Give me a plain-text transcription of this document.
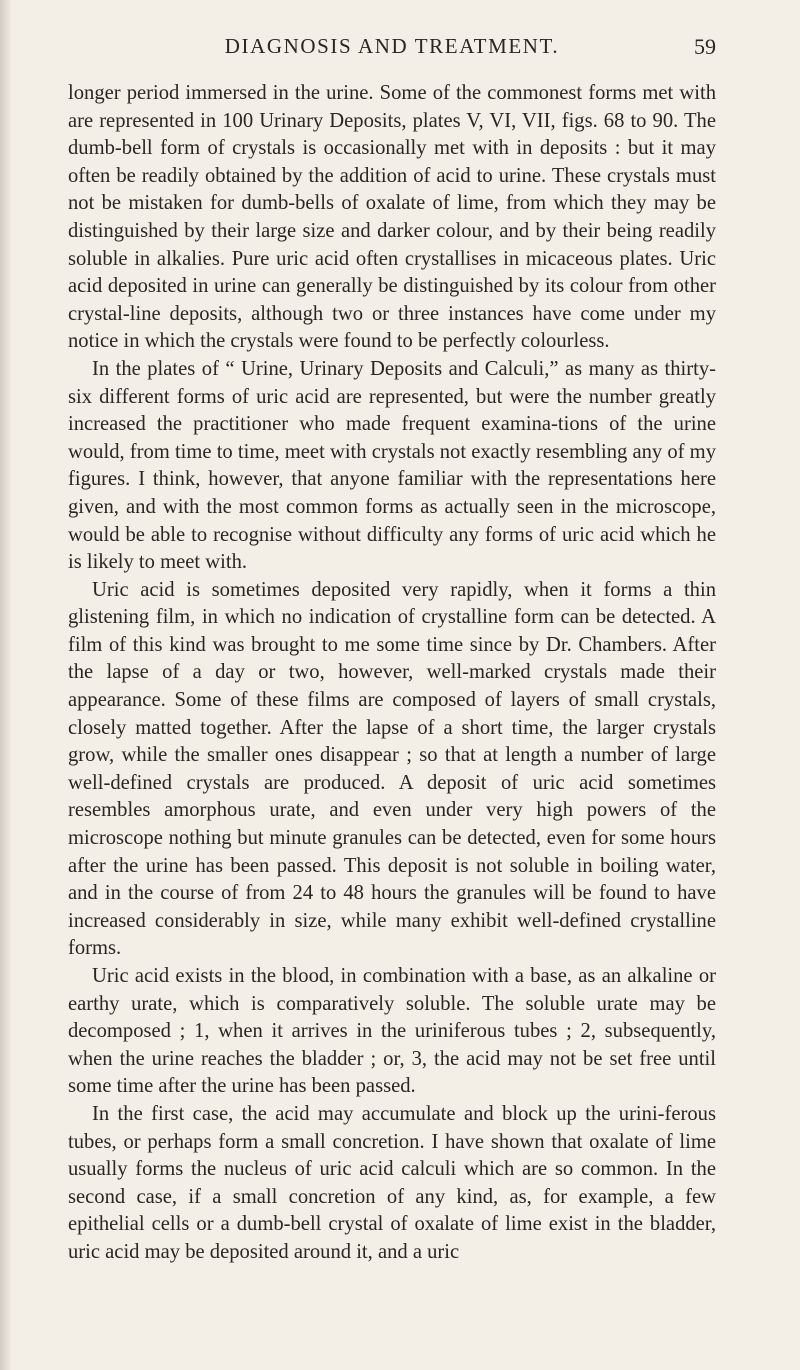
DIAGNOSIS AND TREATMENT.	59

longer period immersed in the urine. Some of the commonest forms met with are represented in 100 Urinary Deposits, plates V, VI, VII, figs. 68 to 90. The dumb-bell form of crystals is occasionally met with in deposits : but it may often be readily obtained by the addition of acid to urine. These crystals must not be mistaken for dumb-bells of oxalate of lime, from which they may be distinguished by their large size and darker colour, and by their being readily soluble in alkalies. Pure uric acid often crystallises in micaceous plates. Uric acid deposited in urine can generally be distinguished by its colour from other crystal-line deposits, although two or three instances have come under my notice in which the crystals were found to be perfectly colourless.

In the plates of “ Urine, Urinary Deposits and Calculi,” as many as thirty-six different forms of uric acid are represented, but were the number greatly increased the practitioner who made frequent examina-tions of the urine would, from time to time, meet with crystals not exactly resembling any of my figures. I think, however, that anyone familiar with the representations here given, and with the most common forms as actually seen in the microscope, would be able to recognise without difficulty any forms of uric acid which he is likely to meet with.

Uric acid is sometimes deposited very rapidly, when it forms a thin glistening film, in which no indication of crystalline form can be detected. A film of this kind was brought to me some time since by Dr. Chambers. After the lapse of a day or two, however, well-marked crystals made their appearance. Some of these films are composed of layers of small crystals, closely matted together. After the lapse of a short time, the larger crystals grow, while the smaller ones disappear ; so that at length a number of large well-defined crystals are produced. A deposit of uric acid sometimes resembles amorphous urate, and even under very high powers of the microscope nothing but minute granules can be detected, even for some hours after the urine has been passed. This deposit is not soluble in boiling water, and in the course of from 24 to 48 hours the granules will be found to have increased considerably in size, while many exhibit well-defined crystalline forms.

Uric acid exists in the blood, in combination with a base, as an alkaline or earthy urate, which is comparatively soluble. The soluble urate may be decomposed ; 1, when it arrives in the uriniferous tubes ; 2, subsequently, when the urine reaches the bladder ; or, 3, the acid may not be set free until some time after the urine has been passed.

In the first case, the acid may accumulate and block up the urini-ferous tubes, or perhaps form a small concretion. I have shown that oxalate of lime usually forms the nucleus of uric acid calculi which are so common. In the second case, if a small concretion of any kind, as, for example, a few epithelial cells or a dumb-bell crystal of oxalate of lime exist in the bladder, uric acid may be deposited around it, and a uric
